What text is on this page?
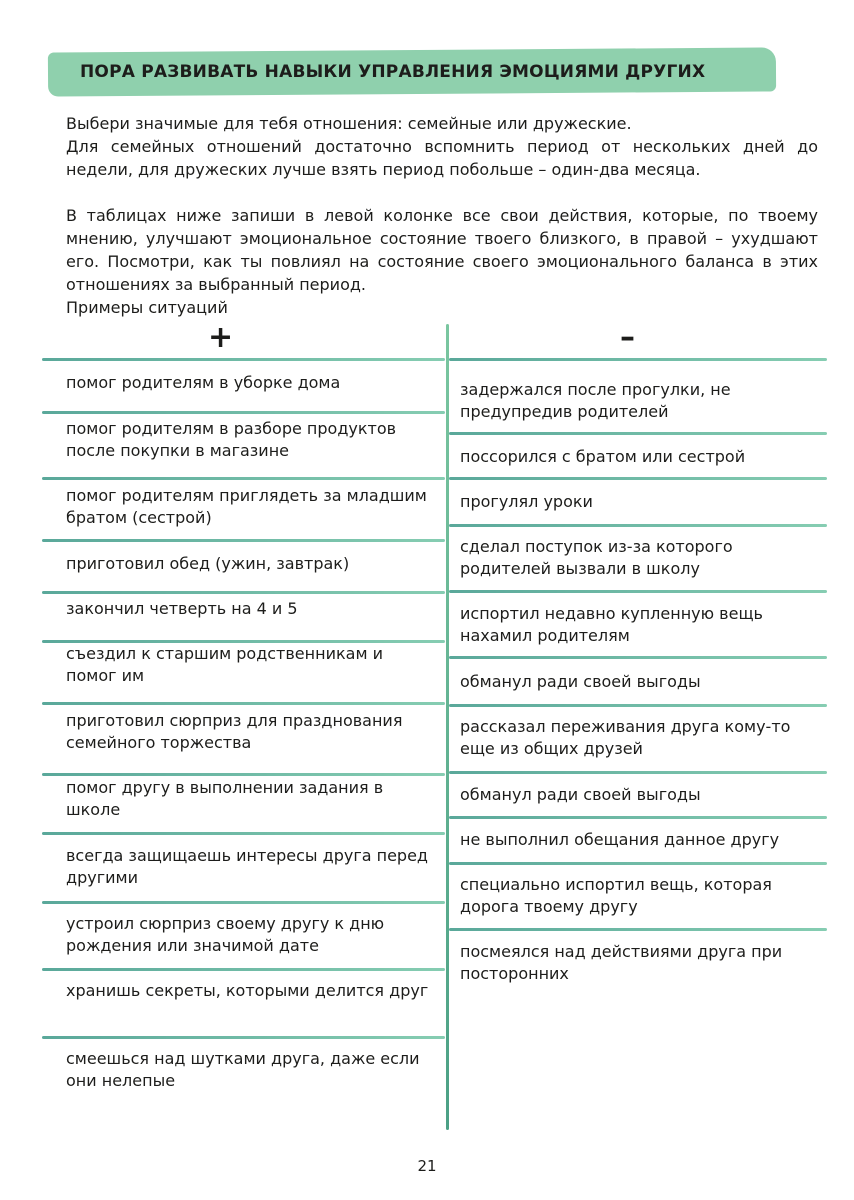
ПОРА РАЗВИВАТЬ НАВЫКИ УПРАВЛЕНИЯ ЭМОЦИЯМИ ДРУГИХ

Выбери значимые для тебя отношения: семейные или дружеские.

Для семейных отношений достаточно вспомнить период от нескольких дней до недели, для дружеских лучше взять период побольше – один-два месяца.

В таблицах ниже запиши в левой колонке все свои действия, которые, по твоему мнению, улучшают эмоциональное состояние твоего близкого, в правой – ухудшают его. Посмотри, как ты повлиял на состояние своего эмоционального баланса в этих отношениях за выбранный период.

Примеры ситуаций

+	–
помог родителям в уборке дома
помог родителям в разборе продуктов после покупки в магазине
помог родителям приглядеть за младшим братом (сестрой)
приготовил обед (ужин, завтрак)
закончил четверть на 4 и 5
съездил к старшим родственникам и помог им
приготовил сюрприз для празднования семейного торжества
помог другу в выполнении задания в школе
всегда защищаешь интересы друга перед другими
устроил сюрприз своему другу к дню рождения или значимой дате
хранишь секреты, которыми делится друг
смеешься над шутками друга, даже если они нелепые
задержался после прогулки, не предупредив родителей
поссорился с братом или сестрой
прогулял уроки
сделал поступок из-за которого родителей вызвали в школу
испортил недавно купленную вещь нахамил родителям
обманул ради своей выгоды
рассказал переживания друга кому-то еще из общих друзей
обманул ради своей выгоды
не выполнил обещания данное другу
специально испортил вещь, которая дорога твоему другу
посмеялся над действиями друга при посторонних
21
